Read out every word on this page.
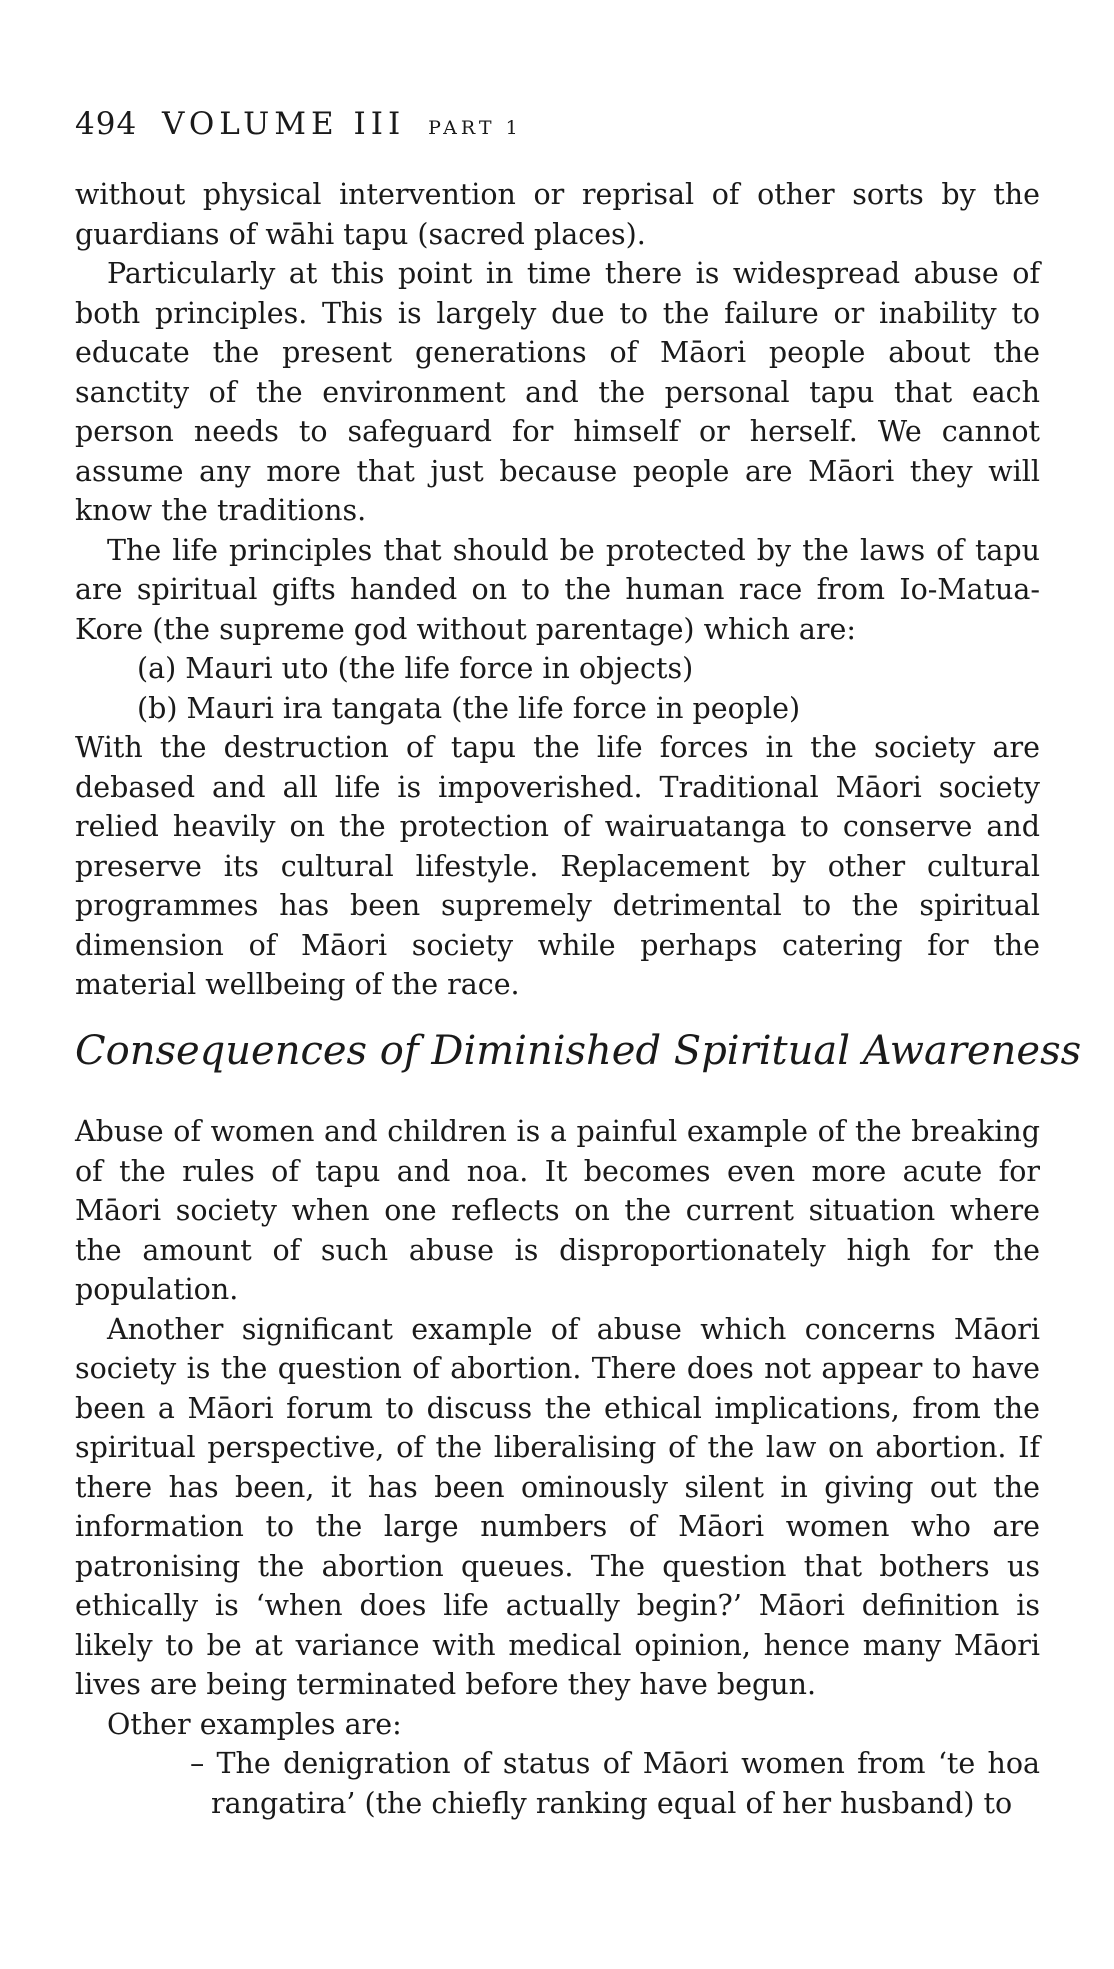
494 VOLUME III PART 1

without physical intervention or reprisal of other sorts by the guardians of wāhi tapu (sacred places).

Particularly at this point in time there is widespread abuse of both principles. This is largely due to the failure or inability to educate the present generations of Māori people about the sanctity of the environment and the personal tapu that each person needs to safeguard for himself or herself. We cannot assume any more that just because people are Māori they will know the traditions.

The life principles that should be protected by the laws of tapu are spiritual gifts handed on to the human race from Io-Matua-Kore (the supreme god without parentage) which are:

(a) Mauri uto (the life force in objects)

(b) Mauri ira tangata (the life force in people)

With the destruction of tapu the life forces in the society are debased and all life is impoverished. Traditional Māori society relied heavily on the protection of wairuatanga to conserve and preserve its cultural lifestyle. Replacement by other cultural programmes has been supremely detrimental to the spiritual dimension of Māori society while perhaps catering for the material wellbeing of the race.

Consequences of Diminished Spiritual Awareness

Abuse of women and children is a painful example of the breaking of the rules of tapu and noa. It becomes even more acute for Māori society when one reflects on the current situation where the amount of such abuse is disproportionately high for the population.

Another significant example of abuse which concerns Māori society is the question of abortion. There does not appear to have been a Māori forum to discuss the ethical implications, from the spiritual perspective, of the liberalising of the law on abortion. If there has been, it has been ominously silent in giving out the information to the large numbers of Māori women who are patronising the abortion queues. The question that bothers us ethically is ‘when does life actually begin?’ Māori definition is likely to be at variance with medical opinion, hence many Māori lives are being terminated before they have begun.

Other examples are:

– The denigration of status of Māori women from ‘te hoa rangatira’ (the chiefly ranking equal of her husband) to
